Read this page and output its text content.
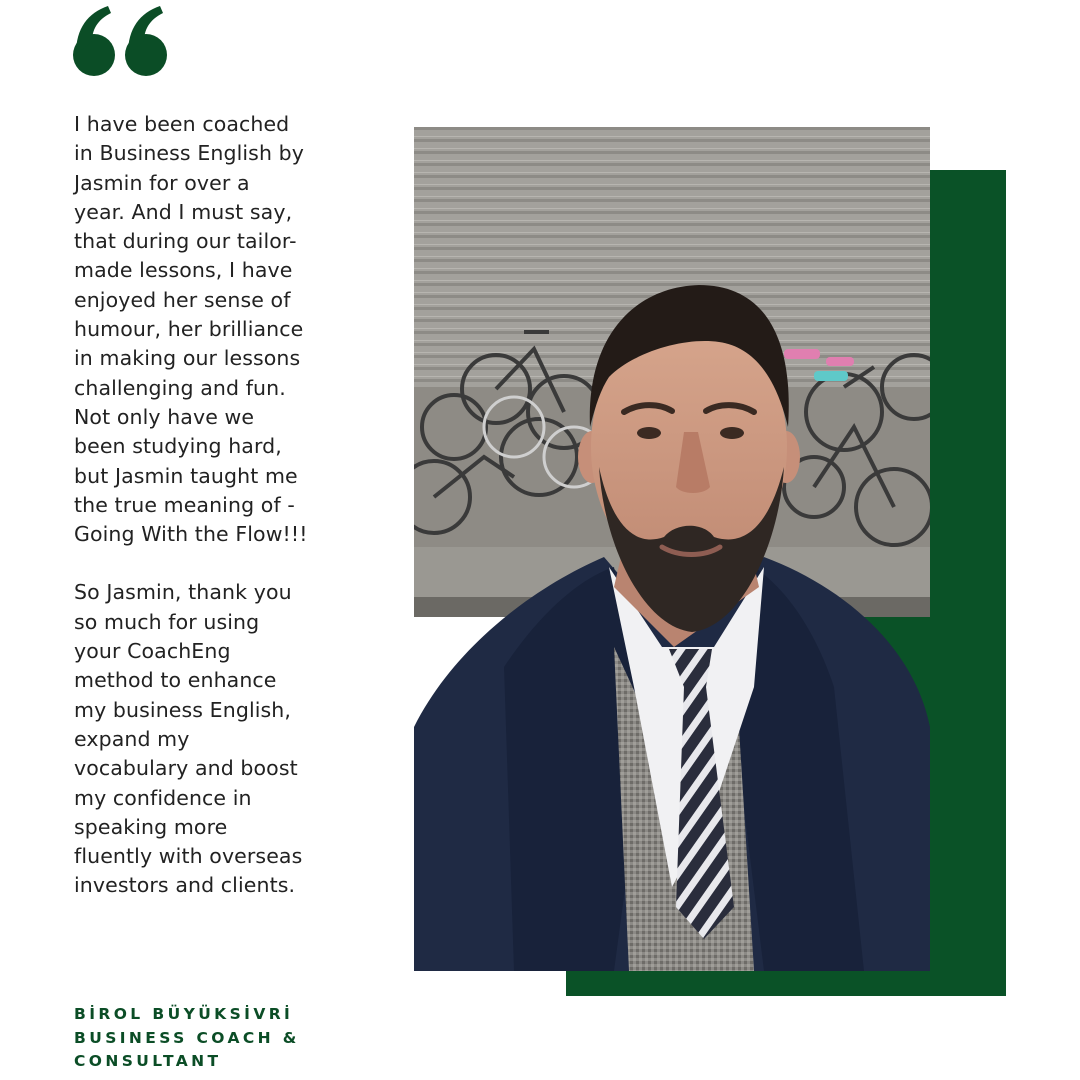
I have been coached
in Business English by
Jasmin for over a
year. And I must say,
that during our tailor-
made lessons, I have
enjoyed her sense of
humour, her brilliance
in making our lessons
challenging and fun.
Not only have we
been studying hard,
but Jasmin taught me
the true meaning of -
Going With the Flow!!!

So Jasmin, thank you
so much for using
your CoachEng
method to enhance
my business English,
expand my
vocabulary and boost
my confidence in
speaking more
fluently with overseas
investors and clients.

BİROL BÜYÜKSİVRİ
BUSINESS COACH &
CONSULTANT
